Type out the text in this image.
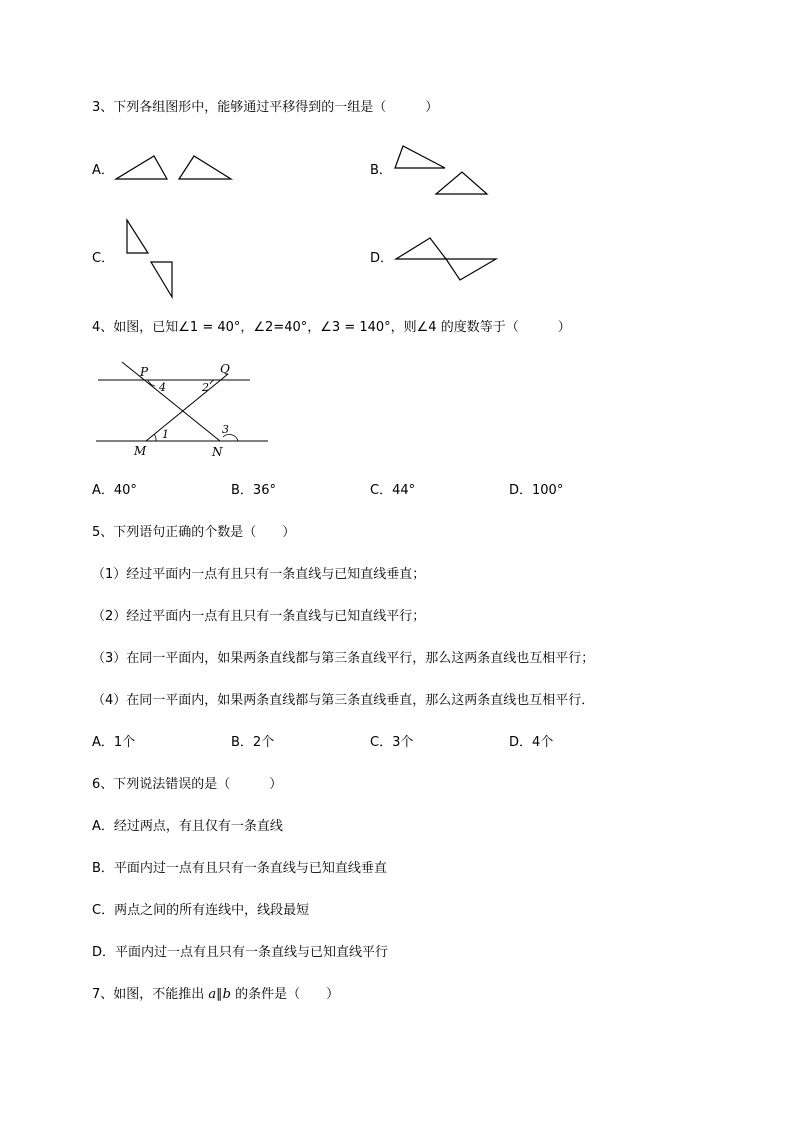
3、下列各组图形中，能够通过平移得到的一组是（　　　）
A．	B．
C．	D．
4、如图，已知∠1 = 40°，∠2=40°，∠3 = 140°，则∠4 的度数等于（　　　）
P	Q
M	N
1
2
3
4
A．40°	B．36°	C．44°	D．100°
5、下列语句正确的个数是（　　）
（1）经过平面内一点有且只有一条直线与已知直线垂直；
（2）经过平面内一点有且只有一条直线与已知直线平行；
（3）在同一平面内，如果两条直线都与第三条直线平行，那么这两条直线也互相平行；
（4）在同一平面内，如果两条直线都与第三条直线垂直，那么这两条直线也互相平行．
A．1个	B．2个	C．3个	D．4个
6、下列说法错误的是（　　　）
A．经过两点，有且仅有一条直线
B．平面内过一点有且只有一条直线与已知直线垂直
C．两点之间的所有连线中，线段最短
D．平面内过一点有且只有一条直线与已知直线平行
7、如图，不能推出 a∥b 的条件是（　　）
